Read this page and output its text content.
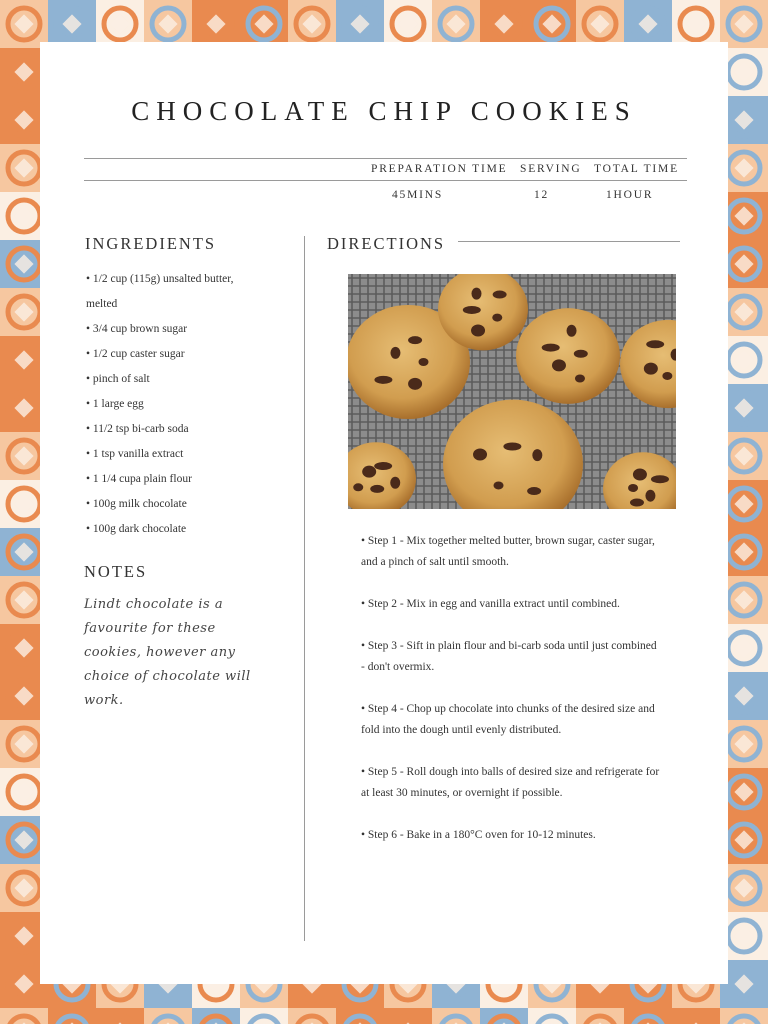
CHOCOLATE CHIP COOKIES
PREPARATION TIME SERVING TOTAL TIME
45MINS	12	1HOUR
INGREDIENTS
• 1/2 cup (115g) unsalted butter, melted
• 3/4 cup brown sugar
• 1/2 cup caster sugar
• pinch of salt
• 1 large egg
• 11/2 tsp bi-carb soda
• 1 tsp vanilla extract
• 1 1/4 cupa plain flour
• 100g milk chocolate
• 100g dark chocolate
NOTES
Lindt chocolate is a favourite for these cookies, however any choice of chocolate will work.
DIRECTIONS
• Step 1 - Mix together melted butter, brown sugar, caster sugar, and a pinch of salt until smooth.
• Step 2 - Mix in egg and vanilla extract until combined.
• Step 3 - Sift in plain flour and bi-carb soda until just combined - don't overmix.
• Step 4 - Chop up chocolate into chunks of the desired size and fold into the dough until evenly distributed.
• Step 5 - Roll dough into balls of desired size and refrigerate for at least 30 minutes, or overnight if possible.
• Step 6 - Bake in a 180°C oven for 10-12 minutes.
